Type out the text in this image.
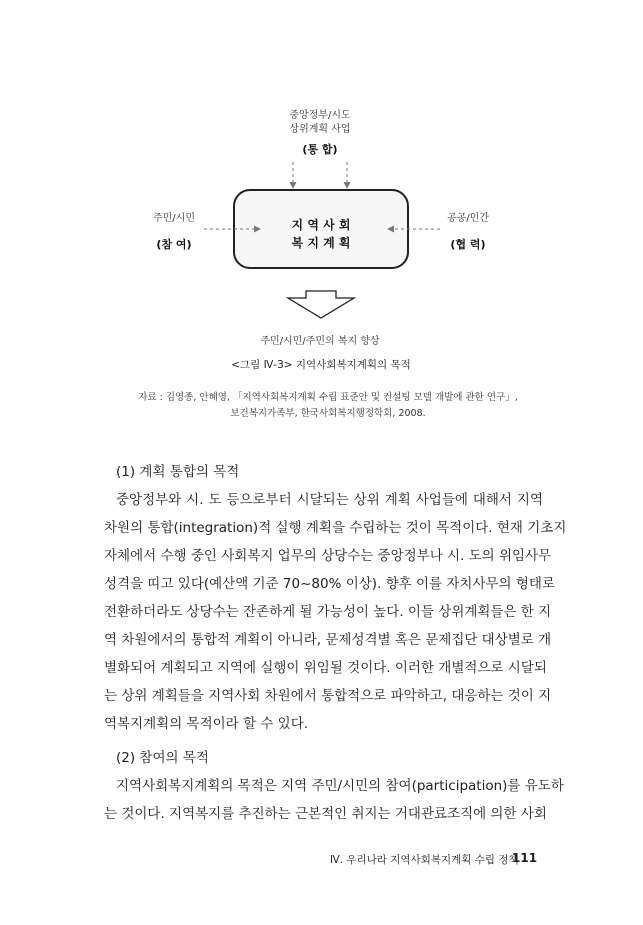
중앙정부/시도
상위계획 사업
(통 합)
주민/시민
(참 여)
공공/민간
(협 력)
지 역 사 회
복 지 계 획
주민/시민/주민의 복지 향상
<그림 Ⅳ-3> 지역사회복지계획의 목적
자료 : 김영종, 안혜영, 「지역사회복지계획 수립 표준안 및 컨설팅 모델 개발에 관한 연구」,
보건복지가족부, 한국사회복지행정학회, 2008.
(1) 계획 통합의 목적
중앙정부와 시. 도 등으로부터 시달되는 상위 계획 사업들에 대해서 지역
차원의 통합(integration)적 실행 계획을 수립하는 것이 목적이다. 현재 기초지
자체에서 수행 중인 사회복지 업무의 상당수는 중앙정부나 시. 도의 위임사무
성격을 띠고 있다(예산액 기준 70~80% 이상). 향후 이를 자치사무의 형태로
전환하더라도 상당수는 잔존하게 될 가능성이 높다. 이들 상위계획들은 한 지
역 차원에서의 통합적 계획이 아니라, 문제성격별 혹은 문제집단 대상별로 개
별화되어 계획되고 지역에 실행이 위임될 것이다. 이러한 개별적으로 시달되
는 상위 계획들을 지역사회 차원에서 통합적으로 파악하고, 대응하는 것이 지
역복지계획의 목적이라 할 수 있다.
(2) 참여의 목적
지역사회복지계획의 목적은 지역 주민/시민의 참여(participation)를 유도하
는 것이다. 지역복지를 추진하는 근본적인 취지는 거대관료조직에 의한 사회
Ⅳ. 우리나라 지역사회복지계획 수립 정책
111
